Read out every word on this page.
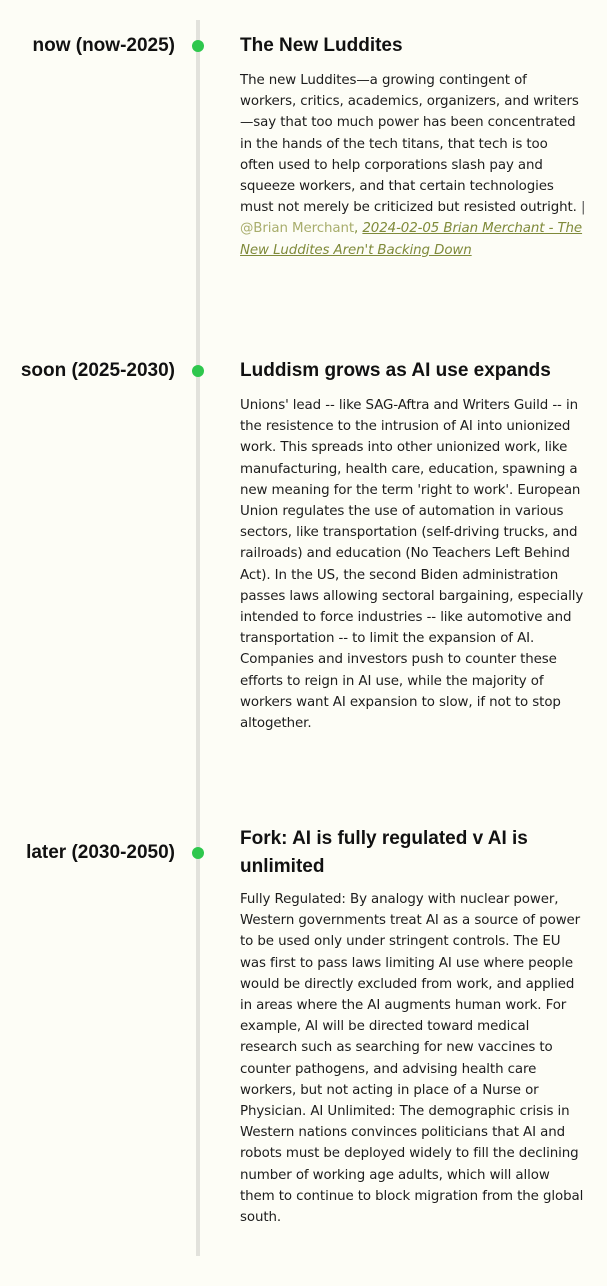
now (now-2025)	The New Luddites

The new Luddites—a growing contingent of workers, critics, academics, organizers, and writers—say that too much power has been concentrated in the hands of the tech titans, that tech is too often used to help corporations slash pay and squeeze workers, and that certain technologies must not merely be criticized but resisted outright. | @Brian Merchant, 2024-02-05 Brian Merchant - The New Luddites Aren't Backing Down

soon (2025-2030)	Luddism grows as AI use expands

Unions' lead -- like SAG-Aftra and Writers Guild -- in the resistence to the intrusion of AI into unionized work. This spreads into other unionized work, like manufacturing, health care, education, spawning a new meaning for the term 'right to work'. European Union regulates the use of automation in various sectors, like transportation (self-driving trucks, and railroads) and education (No Teachers Left Behind Act). In the US, the second Biden administration passes laws allowing sectoral bargaining, especially intended to force industries -- like automotive and transportation -- to limit the expansion of AI. Companies and investors push to counter these efforts to reign in AI use, while the majority of workers want AI expansion to slow, if not to stop altogether.

later (2030-2050)
Fork: AI is fully regulated v AI is unlimited

Fully Regulated: By analogy with nuclear power, Western governments treat AI as a source of power to be used only under stringent controls. The EU was first to pass laws limiting AI use where people would be directly excluded from work, and applied in areas where the AI augments human work. For example, AI will be directed toward medical research such as searching for new vaccines to counter pathogens, and advising health care workers, but not acting in place of a Nurse or Physician. AI Unlimited: The demographic crisis in Western nations convinces politicians that AI and robots must be deployed widely to fill the declining number of working age adults, which will allow them to continue to block migration from the global south.
